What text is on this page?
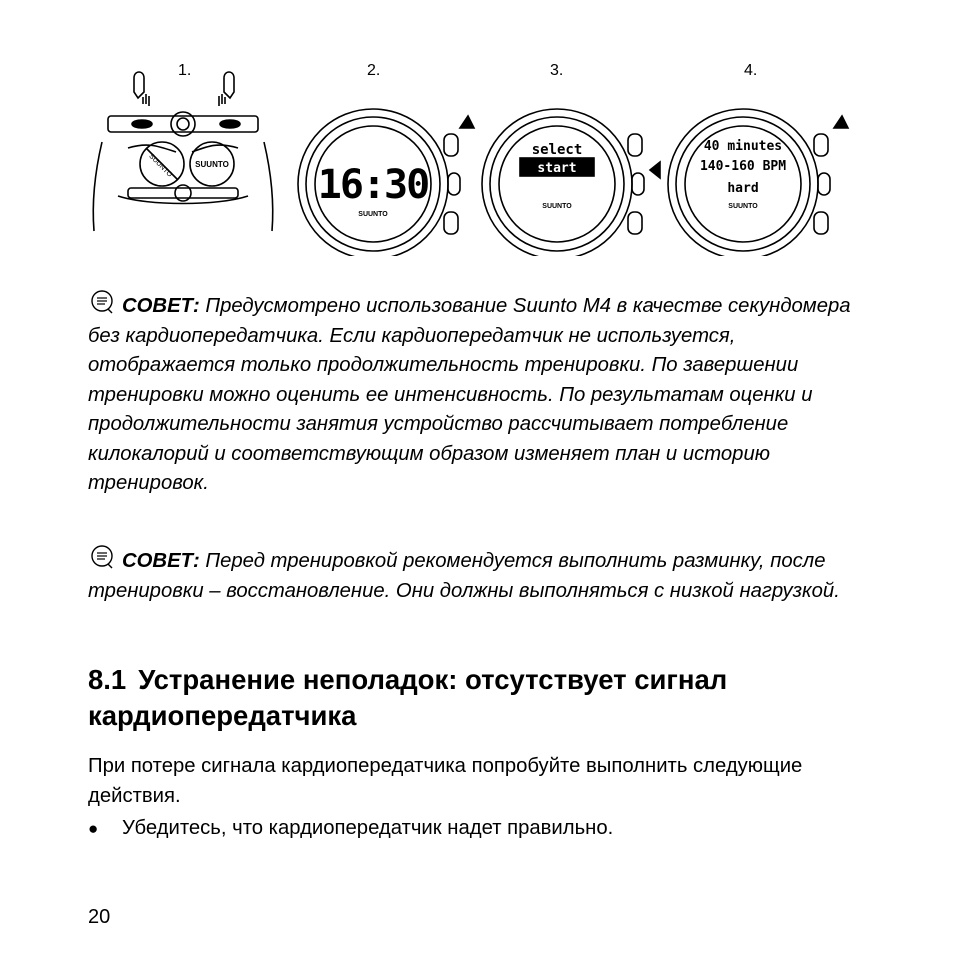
SUUNTO	SUUNTO 16:30
SUUNTO
select
start
SUUNTO
40 minutes
140-160 BPM
hard
SUUNTO
1.	2.	3.	4.
СОВЕТ: Предусмотрено использование Suunto M4 в качестве секундомера без кардиопередатчика. Если кардиопередатчик не используется, отображается только продолжительность тренировки. По завершении тренировки можно оценить ее интенсивность. По результатам оценки и продолжительности занятия устройство рассчитывает потребление килокалорий и соответствующим образом изменяет план и историю тренировок.
СОВЕТ: Перед тренировкой рекомендуется выполнить разминку, после тренировки – восстановление. Они должны выполняться с низкой нагрузкой.
8.1 Устранение неполадок: отсутствует сигнал кардиопередатчика
При потере сигнала кардиопередатчика попробуйте выполнить следующие действия.
● Убедитесь, что кардиопередатчик надет правильно.
20
